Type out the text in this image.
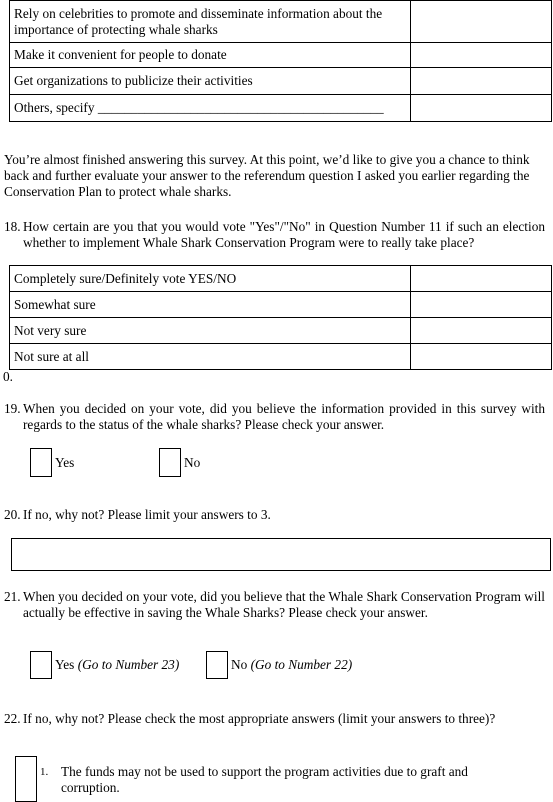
Rely on celebrities to promote and disseminate information about the importance of protecting whale sharks	
Make it convenient for people to donate	
Get organizations to publicize their activities	
Others, specify ___________________________________________	
You’re almost finished answering this survey. At this point, we’d like to give you a chance to think back and further evaluate your answer to the referendum question I asked you earlier regarding the Conservation Plan to protect whale sharks.
18. How certain are you that you would vote "Yes"/"No" in Question Number 11 if such an election whether to implement Whale Shark Conservation Program were to really take place?
Completely sure/Definitely vote YES/NO	
Somewhat sure	
Not very sure	
Not sure at all	
0.
19. When you decided on your vote, did you believe the information provided in this survey with regards to the status of the whale sharks? Please check your answer.
Yes	No
20. If no, why not? Please limit your answers to 3.
21. When you decided on your vote, did you believe that the Whale Shark Conservation Program will actually be effective in saving the Whale Sharks? Please check your answer.
Yes (Go to Number 23)	No (Go to Number 22)
22. If no, why not? Please check the most appropriate answers (limit your answers to three)?
1. The funds may not be used to support the program activities due to graft and corruption.
